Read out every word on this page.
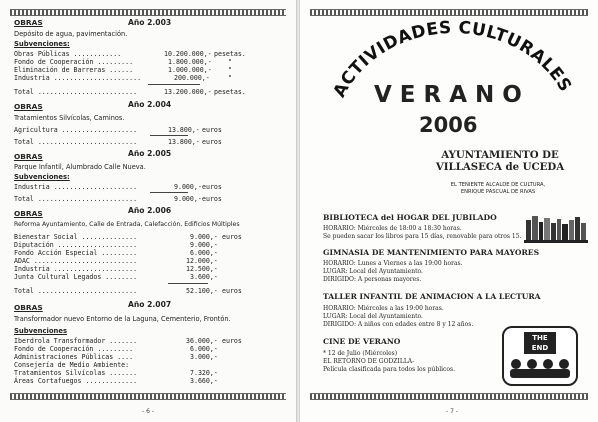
OBRAS	Año 2.003
Depósito de agua, pavimentación.
Subvenciones:
Obras Públicas ............	10.200.000,- pesetas.
Fondo de Cooperación .........	1.800.000,- "
Eliminación de Barreras ......	1.000.000,- "
Industria ......................	200.000,-	"
Total .........................	13.200.000,- pesetas.
OBRAS	Año 2.004
Tratamientos Silvícolas, Caminos.
Agricultura ...................	13.800,- euros
Total .........................	13.800,- euros
OBRAS	Año 2.005
Parque Infantil, Alumbrado Calle Nueva.
Subvenciones:
Industria .....................	9.000,- euros
Total .........................	9.000,- euros
OBRAS	Año 2.006
Reforma Ayuntamiento, Calle de Entrada, Calefacción, Edificios Múltiples
Bienestar Social ..............	9.000,- euros
Diputación ....................	9.000,-
Fondo Acción Especial .........	6.000,-
ADAC ..........................	12.000,-
Industria .....................	12.500,-
Junta Cultural Legados ........	3.600,-
Total .........................	52.100,- euros
OBRAS	Año 2.007
Transformador nuevo Entorno de la Laguna, Cementerio, Frontón.
Subvenciones
Iberdrola Transformador .......	36.000,- euros
Fondo de Cooperación .........	6.000,-
Administraciones Públicas ....	3.000,-
Consejería de Medio Ambiente:
Tratamientos Silvícolas .......	7.320,-
Áreas Cortafuegos .............	3.660,-
- 6 -
ACTIVIDADES CULTURALES
VERANO
2006
AYUNTAMIENTO DE
VILLASECA de UCEDA
EL TENIENTE ALCALDE DE CULTURA,
ENRIQUE PASCUAL DE RIVAS
BIBLIOTECA del HOGAR DEL JUBILADO
HORARIO: Miércoles de 18:00 a 18:30 horas.
Se pueden sacar los libros para 15 días, renovable para otros 15.
GIMNASIA DE MANTENIMIENTO PARA MAYORES
HORARIO: Lunes a Viernes a las 19:00 horas.
LUGAR: Local del Ayuntamiento.
DIRIGIDO: A personas mayores.
TALLER INFANTIL DE ANIMACION A LA LECTURA
HORARIO: Miércoles a las 19:00 horas.
LUGAR: Local del Ayuntamiento.
DIRIGIDO: A niños con edades entre 8 y 12 años.
CINE DE VERANO
* 12 de Julio (Miércoles)
EL RETORNO DE GODZILLA-
Película clasificada para todos los públicos.
THE END
- 7 -
